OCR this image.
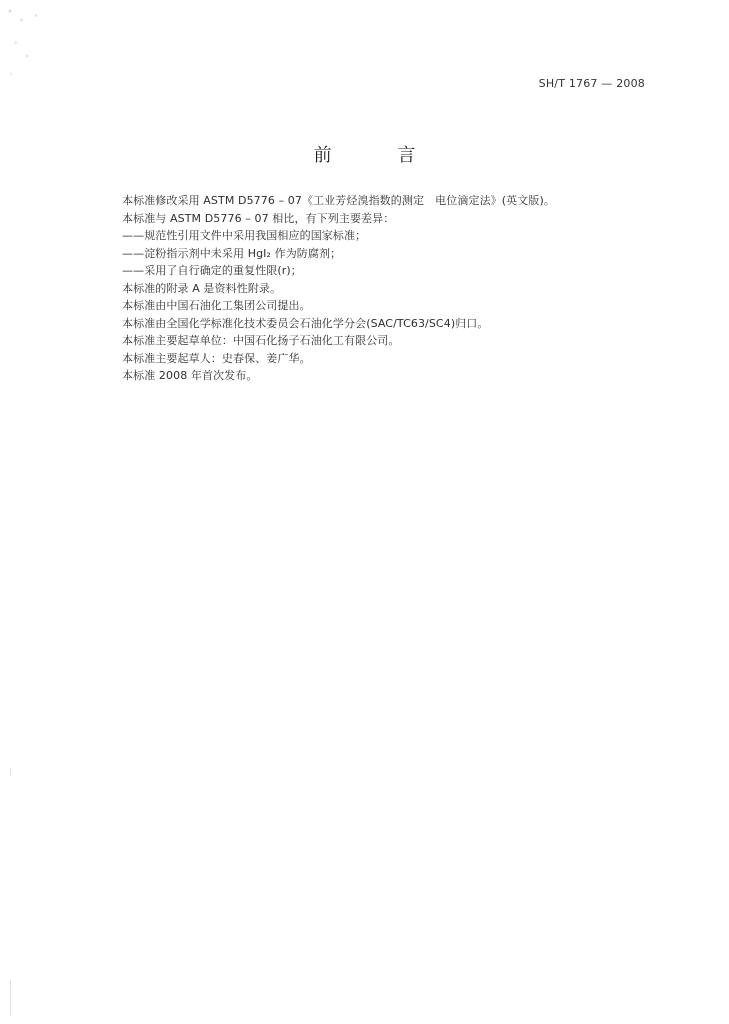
SH/T 1767 — 2008
前 言
本标准修改采用 ASTM D5776 – 07《工业芳烃溴指数的测定　电位滴定法》(英文版)。
本标准与 ASTM D5776 – 07 相比，有下列主要差异：
——规范性引用文件中采用我国相应的国家标准；
——淀粉指示剂中未采用 HgI₂ 作为防腐剂；
——采用了自行确定的重复性限(r)；
本标准的附录 A 是资料性附录。
本标准由中国石油化工集团公司提出。
本标准由全国化学标准化技术委员会石油化学分会(SAC/TC63/SC4)归口。
本标准主要起草单位：中国石化扬子石油化工有限公司。
本标准主要起草人：史春保、姜广华。
本标准 2008 年首次发布。
